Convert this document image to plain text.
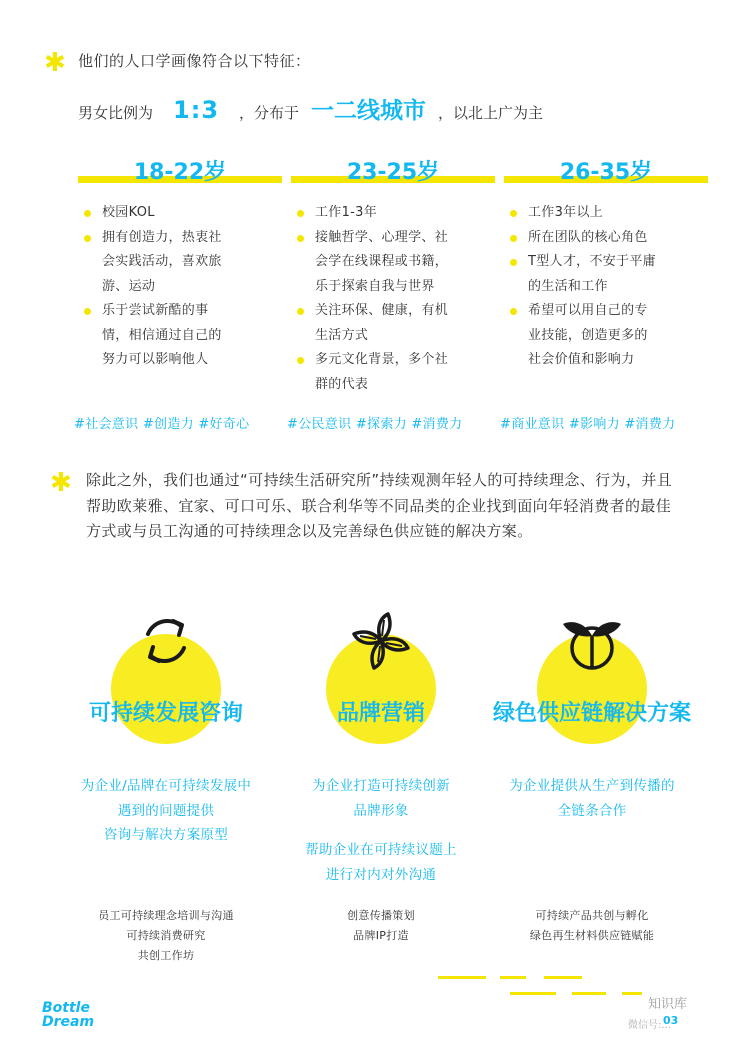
✱ 他们的人口学画像符合以下特征：
男女比例为 1:3 ，分布于 一二线城市 ，以北上广为主
18-22岁
校园KOL
拥有创造力，热衷社
会实践活动，喜欢旅
游、运动
乐于尝试新酷的事
情，相信通过自己的
努力可以影响他人
#社会意识 #创造力 #好奇心
23-25岁
工作1-3年
接触哲学、心理学、社
会学在线课程或书籍，
乐于探索自我与世界
关注环保、健康，有机
生活方式
多元文化背景，多个社
群的代表
#公民意识 #探索力 #消费力
26-35岁
工作3年以上
所在团队的核心角色
T型人才，不安于平庸
的生活和工作
希望可以用自己的专
业技能，创造更多的
社会价值和影响力
#商业意识 #影响力 #消费力
✱ 除此之外，我们也通过“可持续生活研究所”持续观测年轻人的可持续理念、行为，并且帮助欧莱雅、宜家、可口可乐、联合利华等不同品类的企业找到面向年轻消费者的最佳方式或与员工沟通的可持续理念以及完善绿色供应链的解决方案。
可持续发展咨询
为企业/品牌在可持续发展中
遇到的问题提供
咨询与解决方案原型
员工可持续理念培训与沟通
可持续消费研究
共创工作坊
品牌营销
为企业打造可持续创新
品牌形象
帮助企业在可持续议题上
进行对内对外沟通
创意传播策划
品牌IP打造
绿色供应链解决方案
为企业提供从生产到传播的
全链条合作
可持续产品共创与孵化
绿色再生材料供应链赋能
Bottle
Dream
知识库
微信号:...
03
